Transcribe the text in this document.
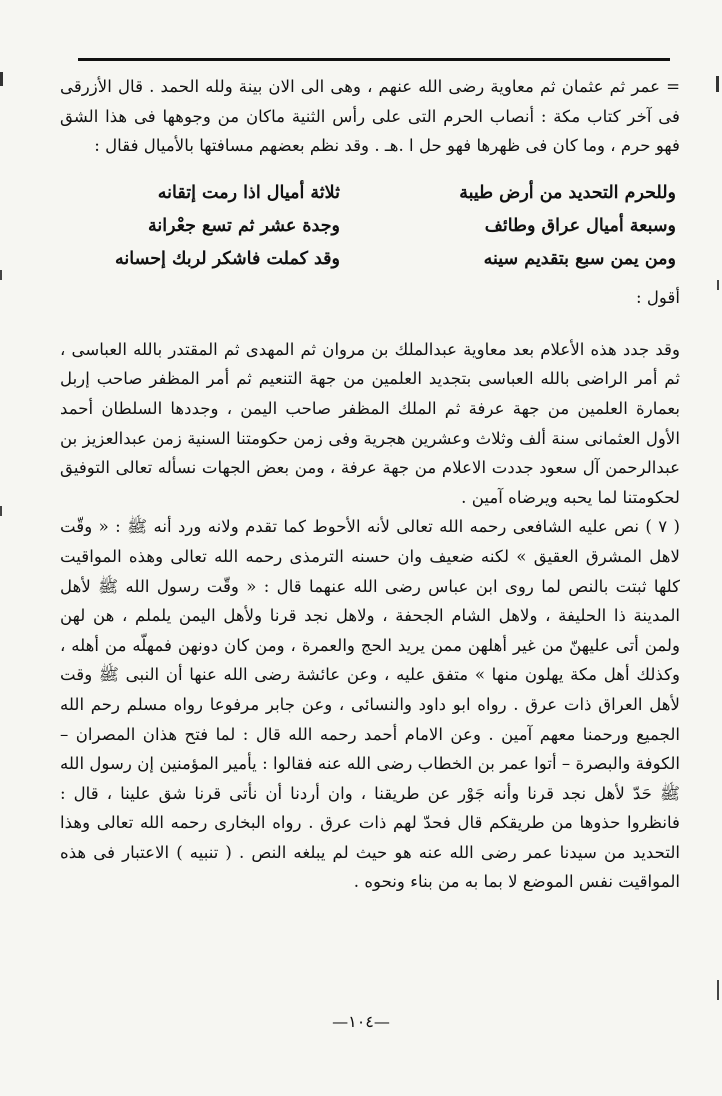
= عمر ثم عثمان ثم معاوية رضى الله عنهم ، وهى الى الان بينة ولله الحمد . قال الأزرقى فى آخر كتاب مكة : أنصاب الحرم التى على رأس الثنية ماكان من وجوهها فى هذا الشق فهو حرم ، وما كان فى ظهرها فهو حل ا .هـ . وقد نظم بعضهم مسافتها بالأميال فقال :

وللحرم التحديد من أرض طيبة
وسبعة أميال عراق وطائف
ومن يمن سبع بتقديم سينه
ثلاثة أميال اذا رمت إتقانه
وجدة عشر ثم تسع جعْرانة
وقد كملت فاشكر لربك إحسانه

أقول :

وقد جدد هذه الأعلام بعد معاوية عبدالملك بن مروان ثم المهدى ثم المقتدر بالله العباسى ، ثم أمر الراضى بالله العباسى بتجديد العلمين من جهة التنعيم ثم أمر المظفر صاحب إربل بعمارة العلمين من جهة عرفة ثم الملك المظفر صاحب اليمن ، وجددها السلطان أحمد الأول العثمانى سنة ألف وثلاث وعشرين هجرية وفى زمن حكومتنا السنية زمن عبدالعزيز بن عبدالرحمن آل سعود جددت الاعلام من جهة عرفة ، ومن بعض الجهات نسأله تعالى التوفيق لحكومتنا لما يحبه ويرضاه آمين .

( ٧ ) نص عليه الشافعى رحمه الله تعالى لأنه الأحوط كما تقدم ولانه ورد أنه ﷺ : « وقّت لاهل المشرق العقيق » لكنه ضعيف وان حسنه الترمذى رحمه الله تعالى وهذه المواقيت كلها ثبتت بالنص لما روى ابن عباس رضى الله عنهما قال : « وقّت رسول الله ﷺ لأهل المدينة ذا الحليفة ، ولاهل الشام الجحفة ، ولاهل نجد قرنا ولأهل اليمن يلملم ، هن لهن ولمن أتى عليهنّ من غير أهلهن ممن يريد الحج والعمرة ، ومن كان دونهن فمهلّه من أهله ، وكذلك أهل مكة يهلون منها » متفق عليه ، وعن عائشة رضى الله عنها أن النبى ﷺ وقت لأهل العراق ذات عرق . رواه ابو داود والنسائى ، وعن جابر مرفوعا رواه مسلم رحم الله الجميع ورحمنا معهم آمين . وعن الامام أحمد رحمه الله قال : لما فتح هذان المصران – الكوفة والبصرة – أتوا عمر بن الخطاب رضى الله عنه فقالوا : يأمير المؤمنين إن رسول الله ﷺ حَدّ لأهل نجد قرنا وأنه جَوْر عن طريقنا ، وان أردنا أن نأتى قرنا شق علينا ، قال : فانظروا حذوها من طريقكم قال فحدّ لهم ذات عرق . رواه البخارى رحمه الله تعالى وهذا التحديد من سيدنا عمر رضى الله عنه هو حيث لم يبلغه النص . ( تنبيه ) الاعتبار فى هذه المواقيت نفس الموضع لا بما به من بناء ونحوه .

—١٠٤—
